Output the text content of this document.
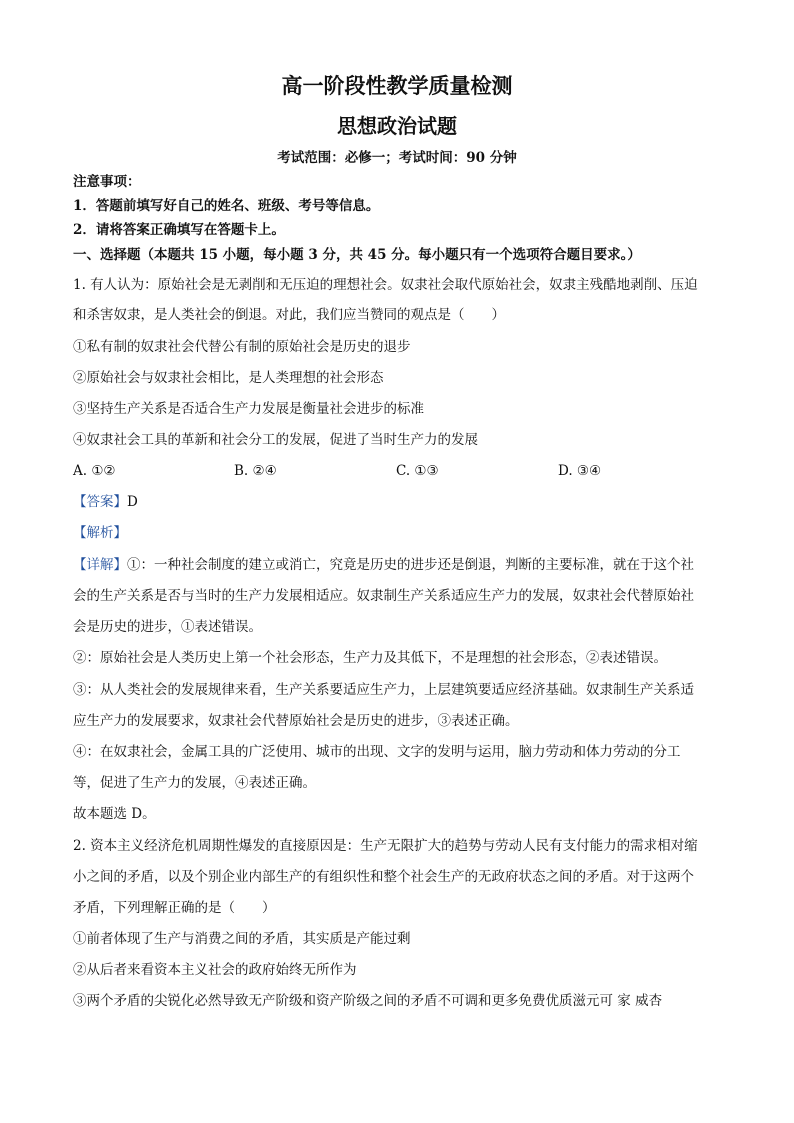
高一阶段性教学质量检测
思想政治试题
考试范围：必修一；考试时间：90 分钟
注意事项：
1．答题前填写好自己的姓名、班级、考号等信息。
2．请将答案正确填写在答题卡上。
一、选择题（本题共 15 小题，每小题 3 分，共 45 分。每小题只有一个选项符合题目要求。）
1. 有人认为：原始社会是无剥削和无压迫的理想社会。奴隶社会取代原始社会，奴隶主残酷地剥削、压迫
和杀害奴隶，是人类社会的倒退。对此，我们应当赞同的观点是（　　）
①私有制的奴隶社会代替公有制的原始社会是历史的退步
②原始社会与奴隶社会相比，是人类理想的社会形态
③坚持生产关系是否适合生产力发展是衡量社会进步的标准
④奴隶社会工具的革新和社会分工的发展，促进了当时生产力的发展
A. ①②	B. ②④	C. ①③	D. ③④
【答案】D
【解析】
【详解】①：一种社会制度的建立或消亡，究竟是历史的进步还是倒退，判断的主要标准，就在于这个社
会的生产关系是否与当时的生产力发展相适应。奴隶制生产关系适应生产力的发展，奴隶社会代替原始社
会是历史的进步，①表述错误。
②：原始社会是人类历史上第一个社会形态，生产力及其低下，不是理想的社会形态，②表述错误。
③：从人类社会的发展规律来看，生产关系要适应生产力，上层建筑要适应经济基础。奴隶制生产关系适
应生产力的发展要求，奴隶社会代替原始社会是历史的进步，③表述正确。
④：在奴隶社会，金属工具的广泛使用、城市的出现、文字的发明与运用，脑力劳动和体力劳动的分工
等，促进了生产力的发展，④表述正确。
故本题选 D。
2. 资本主义经济危机周期性爆发的直接原因是：生产无限扩大的趋势与劳动人民有支付能力的需求相对缩
小之间的矛盾，以及个别企业内部生产的有组织性和整个社会生产的无政府状态之间的矛盾。对于这两个
矛盾，下列理解正确的是（　　）
①前者体现了生产与消费之间的矛盾，其实质是产能过剩
②从后者来看资本主义社会的政府始终无所作为
③两个矛盾的尖锐化必然导致无产阶级和资产阶级之间的矛盾不可调和更多免费优质滋元可 家 威杏
